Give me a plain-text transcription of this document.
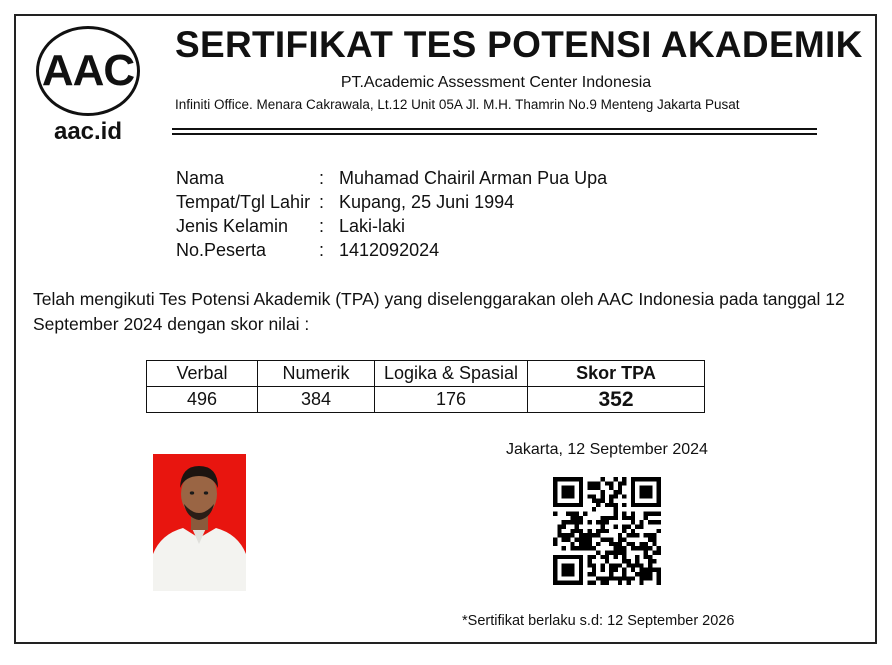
AAC
aac.id
SERTIFIKAT TES POTENSI AKADEMIK
PT.Academic Assessment Center Indonesia
Infiniti Office. Menara Cakrawala, Lt.12 Unit 05A Jl. M.H. Thamrin No.9 Menteng Jakarta Pusat
Nama	: Muhamad Chairil Arman Pua Upa
Tempat/Tgl Lahir : Kupang, 25 Juni 1994
Jenis Kelamin	: Laki-laki
No.Peserta	: 1412092024
Telah mengikuti Tes Potensi Akademik (TPA) yang diselenggarakan oleh AAC Indonesia pada tanggal 12 September 2024 dengan skor nilai :
Verbal	Numerik	Logika & Spasial	Skor TPA
496	384	176	352
Jakarta, 12 September 2024
*Sertifikat berlaku s.d: 12 September 2026
